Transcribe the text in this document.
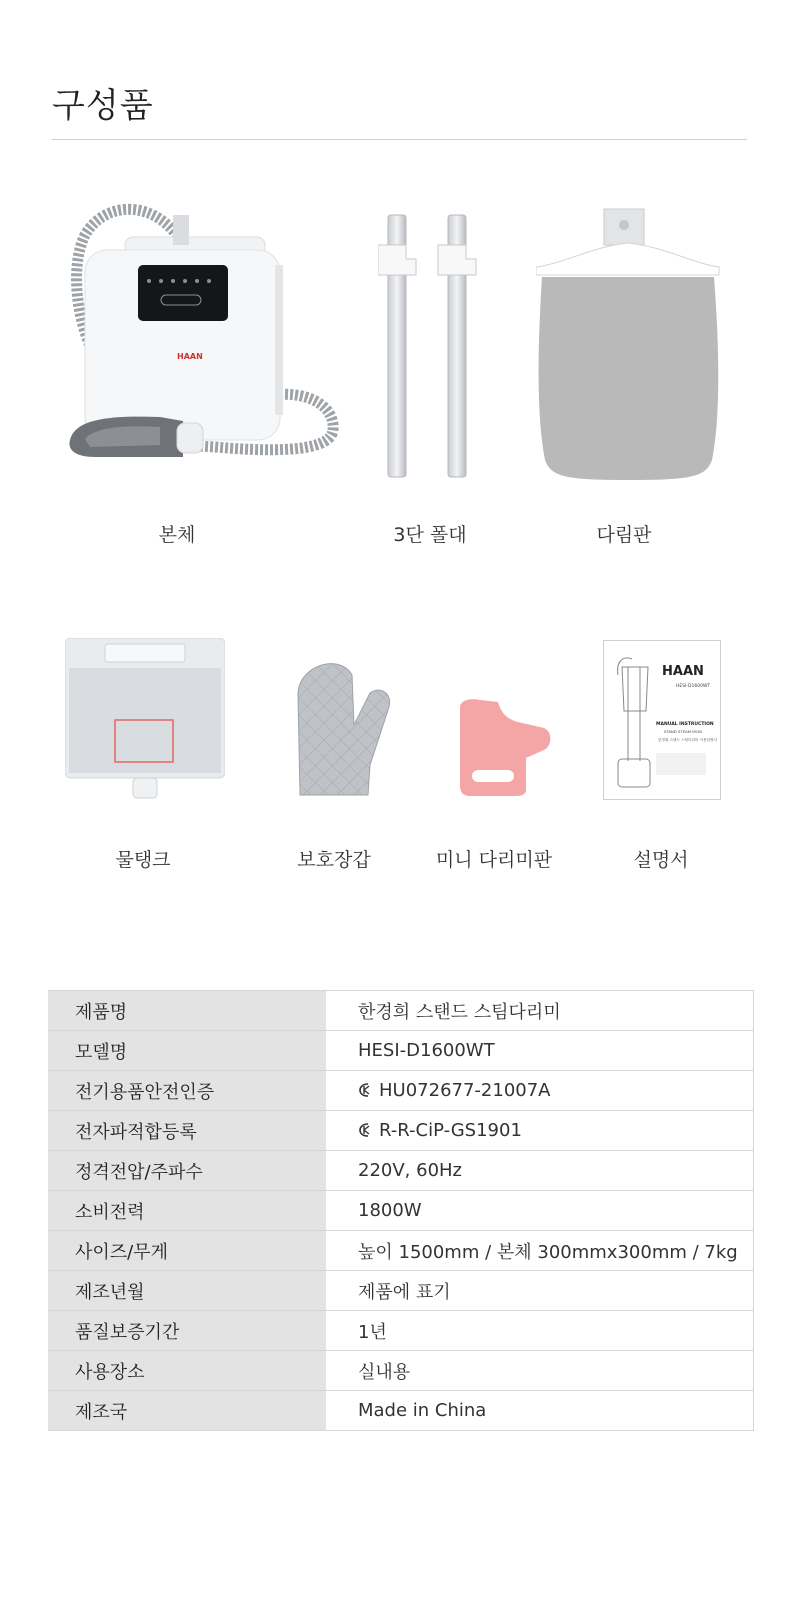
구성품
HAAN
본체	3단 폴대	다림판
물탱크	보호장갑	미니 다리미판
HAAN
HESI-D1600WT
MANUAL INSTRUCTION
STAND STEAM IRON
한경희 스탠드 스팀다리미 사용설명서
설명서
제품명	한경희 스탠드 스팀다리미
모델명	HESI-D1600WT
전기용품안전인증	HU072677-21007A
전자파적합등록	R-R-CiP-GS1901
정격전압/주파수	220V, 60Hz
소비전력	1800W
사이즈/무게	높이 1500mm / 본체 300mmx300mm / 7kg
제조년월	제품에 표기
품질보증기간	1년
사용장소	실내용
제조국	Made in China
